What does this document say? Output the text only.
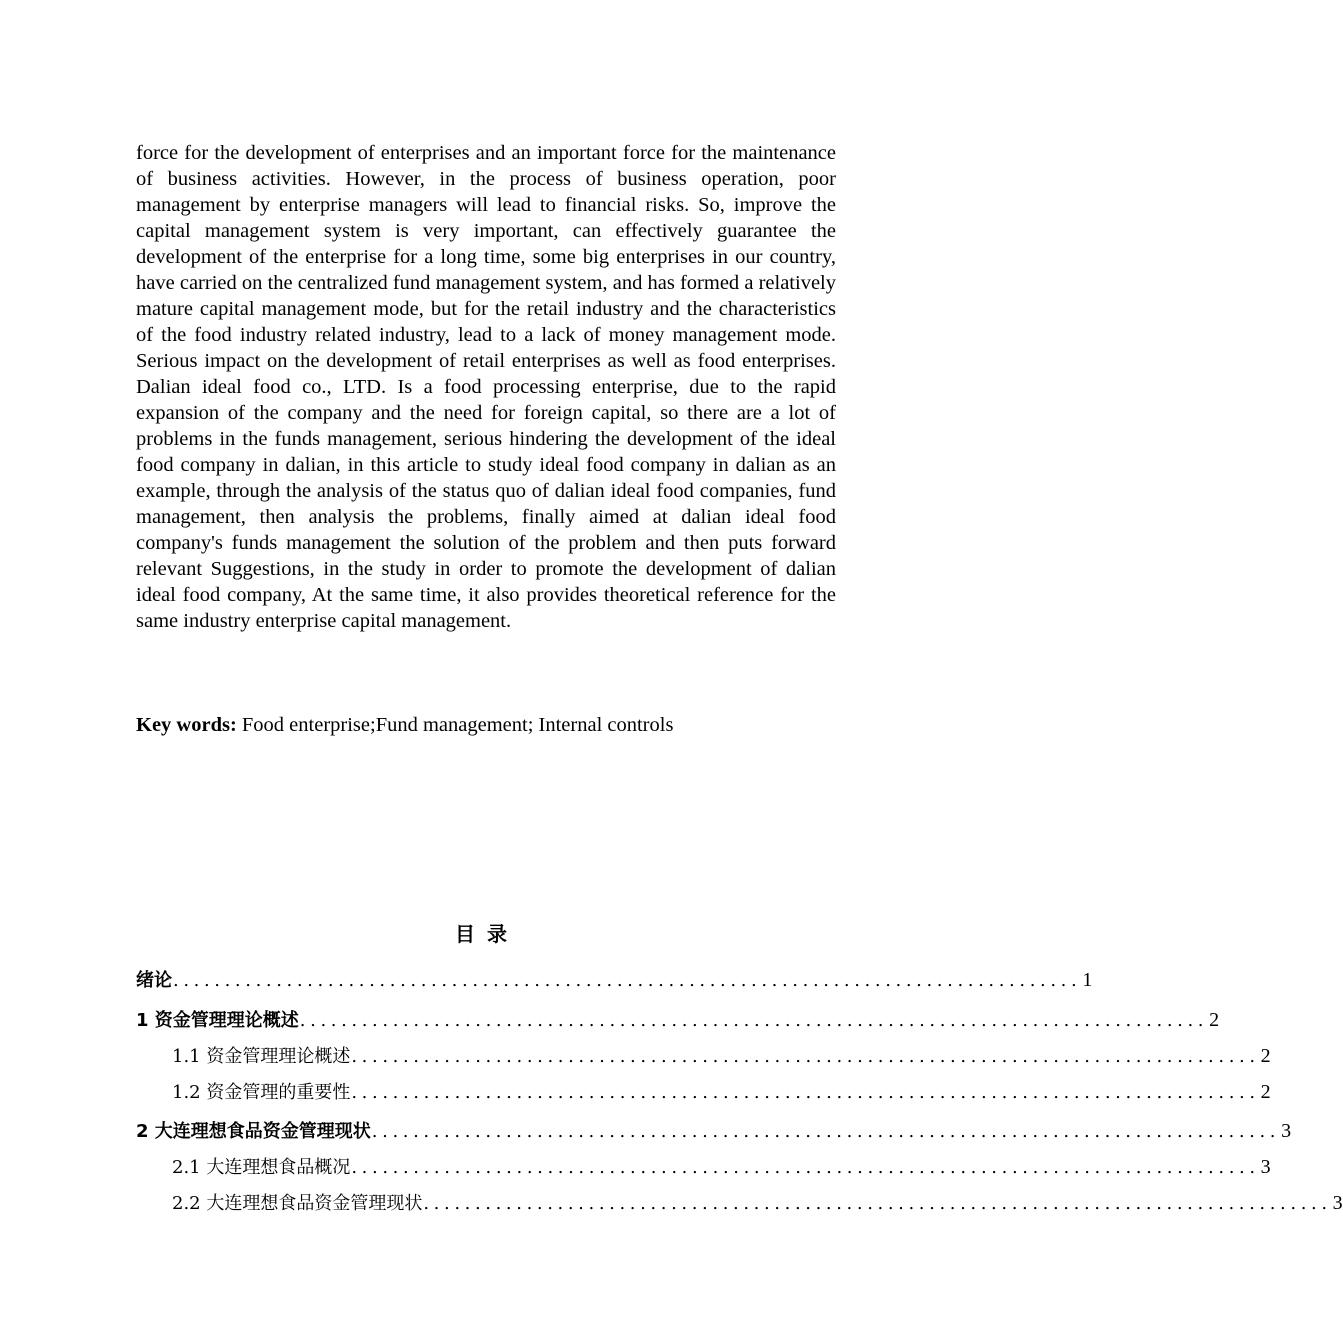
force for the development of enterprises and an important force for the maintenance of business activities. However, in the process of business operation, poor management by enterprise managers will lead to financial risks. So, improve the capital management system is very important, can effectively guarantee the development of the enterprise for a long time, some big enterprises in our country, have carried on the centralized fund management system, and has formed a relatively mature capital management mode, but for the retail industry and the characteristics of the food industry related industry, lead to a lack of money management mode. Serious impact on the development of retail enterprises as well as food enterprises. Dalian ideal food co., LTD. Is a food processing enterprise, due to the rapid expansion of the company and the need for foreign capital, so there are a lot of problems in the funds management, serious hindering the development of the ideal food company in dalian, in this article to study ideal food company in dalian as an example, through the analysis of the status quo of dalian ideal food companies, fund management, then analysis the problems, finally aimed at dalian ideal food company's funds management the solution of the problem and then puts forward relevant Suggestions, in the study in order to promote the development of dalian ideal food company, At the same time, it also provides theoretical reference for the same industry enterprise capital management.

Key words: Food enterprise;Fund management; Internal controls
目录
绪论 ........................................................................................ 1
1 资金管理理论概述 ........................................................................................ 2
1.1 资金管理理论概述 ........................................................................................ 2
1.2 资金管理的重要性 ........................................................................................ 2
2 大连理想食品资金管理现状 ........................................................................................ 3
2.1 大连理想食品概况 ........................................................................................ 3
2.2 大连理想食品资金管理现状 ........................................................................................ 3
